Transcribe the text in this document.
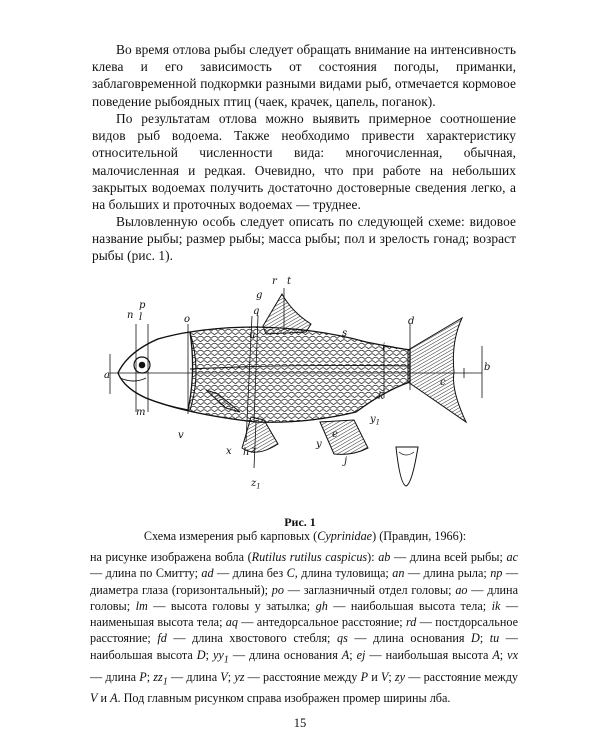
Во время отлова рыбы следует обращать внимание на интенсивность клева и его зависимость от состояния погоды, приманки, заблаговременной подкормки разными видами рыб, отмечается кормовое поведение рыбоядных птиц (чаек, крачек, цапель, поганок).

По результатам отлова можно выявить примерное соотношение видов рыб водоема. Также необходимо привести характеристику относительной численности вида: многочисленная, обычная, малочисленная и редкая. Очевидно, что при работе на небольших закрытых водоемах получить достаточно достоверные сведения легко, а на больших и проточных водоемах — труднее.

Выловленную особь следует описать по следующей схеме: видовое название рыбы; размер рыбы; масса рыбы; пол и зрелость гонад; возраст рыбы (рис. 1).

a
b
c
d
e
g
h
i
j
k
l
m
n	o
p
q
r
s
t
u
v
x
y
$y_1$
z
$z_1$
Рис. 1
Схема измерения рыб карповых (Cyprinidae) (Правдин, 1966):

на рисунке изображена вобла (Rutilus rutilus caspicus): ab — длина всей рыбы; ac — длина по Смитту; ad — длина без C, длина туловища; an — длина рыла; np — диаметра глаза (горизонтальный); po — заглазничный отдел головы; ao — длина головы; lm — высота головы у затылка; gh — наибольшая высота тела; ik — наименьшая высота тела; aq — антедорсальное расстояние; rd — постдорсальное расстояние; fd — длина хвостового стебля; qs — длина основания D; tu — наибольшая высота D; $yy_1$ — длина основания A; ej — наибольшая высота A; vx — длина P; $zz_1$ — длина V; yz — расстояние между P и V; zy — расстояние между V и A. Под главным рисунком справа изображен промер ширины лба.

15
